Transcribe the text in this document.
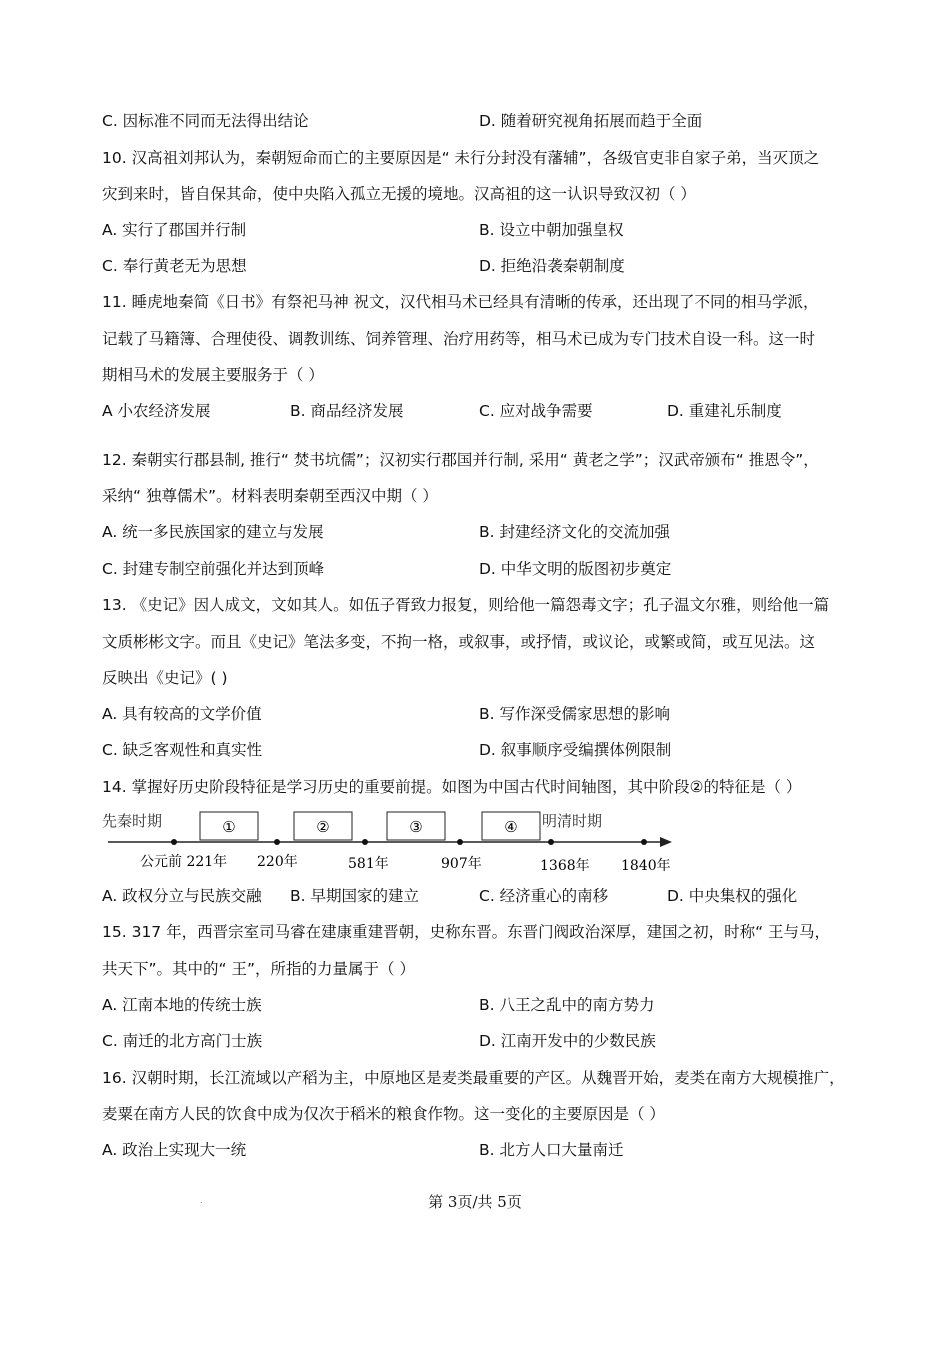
C. 因标准不同而无法得出结论	D. 随着研究视角拓展而趋于全面
10. 汉高祖刘邦认为，秦朝短命而亡的主要原因是“ 未行分封没有藩辅”，各级官吏非自家子弟，当灭顶之
灾到来时，皆自保其命，使中央陷入孤立无援的境地。汉高祖的这一认识导致汉初（ ）
A. 实行了郡国并行制	B. 设立中朝加强皇权
C. 奉行黄老无为思想	D. 拒绝沿袭秦朝制度
11. 睡虎地秦简《日书》有祭祀马神 祝文，汉代相马术已经具有清晰的传承，还出现了不同的相马学派，
记载了马籍簿、合理使役、调教训练、饲养管理、治疗用药等，相马术已成为专门技术自设一科。这一时
期相马术的发展主要服务于（ ）
A 小农经济发展	B. 商品经济发展	C. 应对战争需要	D. 重建礼乐制度
12. 秦朝实行郡县制, 推行“ 焚书坑儒”；汉初实行郡国并行制, 采用“ 黄老之学”；汉武帝颁布“ 推恩令”，
采纳“ 独尊儒术”。材料表明秦朝至西汉中期（ ）
A. 统一多民族国家的建立与发展	B. 封建经济文化的交流加强
C. 封建专制空前强化并达到顶峰	D. 中华文明的版图初步奠定
13. 《史记》因人成文，文如其人。如伍子胥致力报复，则给他一篇怨毒文字；孔子温文尔雅，则给他一篇
文质彬彬文字。而且《史记》笔法多变，不拘一格，或叙事，或抒情，或议论，或繁或简，或互见法。这
反映出《史记》( )
A. 具有较高的文学价值	B. 写作深受儒家思想的影响
C. 缺乏客观性和真实性	D. 叙事顺序受编撰体例限制
14. 掌握好历史阶段特征是学习历史的重要前提。如图为中国古代时间轴图，其中阶段②的特征是（ ）
先秦时期	明清时期
①	②	③	④
公元前 221年 220年	581年	907年	1368年 1840年
A. 政权分立与民族交融 B. 早期国家的建立	C. 经济重心的南移	D. 中央集权的强化
15. 317 年，西晋宗室司马睿在建康重建晋朝，史称东晋。东晋门阀政治深厚，建国之初，时称“ 王与马，
共天下”。其中的“ 王”，所指的力量属于（ ）
A. 江南本地的传统士族	B. 八王之乱中的南方势力
C. 南迁的北方高门士族	D. 江南开发中的少数民族
16. 汉朝时期，长江流域以产稻为主，中原地区是麦类最重要的产区。从魏晋开始，麦类在南方大规模推广，
麦粟在南方人民的饮食中成为仅次于稻米的粮食作物。这一变化的主要原因是（ ）
A. 政治上实现大一统	B. 北方人口大量南迁
.	第 3页/共 5页
